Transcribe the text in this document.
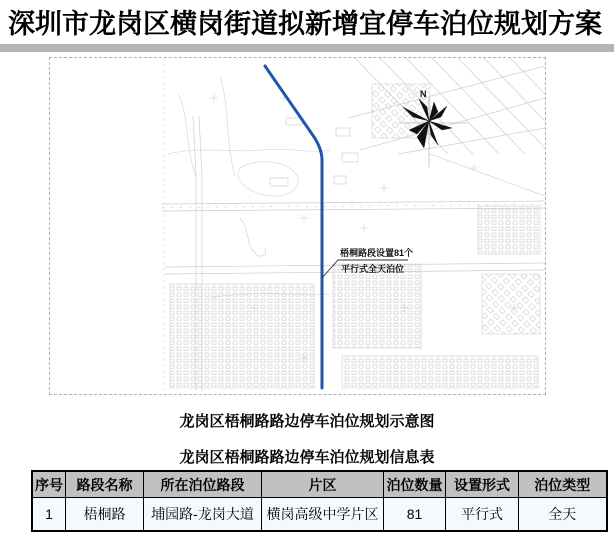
深圳市龙岗区横岗街道拟新增宜停车泊位规划方案
梧桐路段设置81个
平行式全天泊位
N
龙岗区梧桐路路边停车泊位规划示意图
龙岗区梧桐路路边停车泊位规划信息表
序号	路段名称	所在泊位路段	片区	泊位数量	设置形式	泊位类型
1	梧桐路	埔园路-龙岗大道	横岗高级中学片区	81	平行式	全天
